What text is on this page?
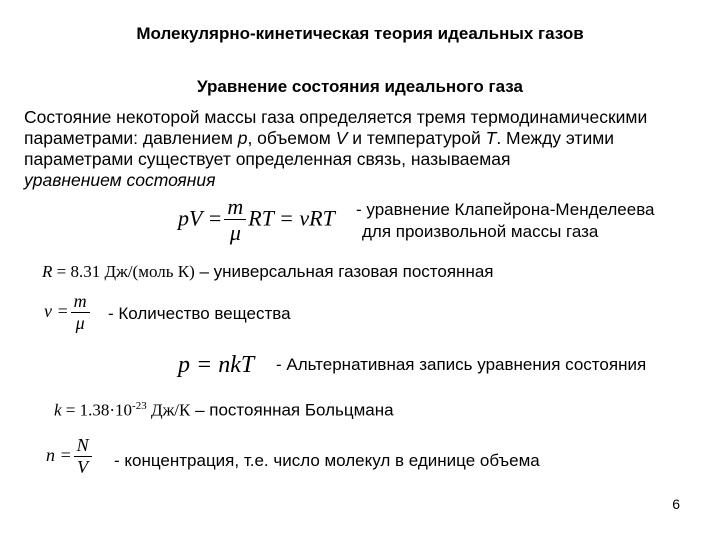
Молекулярно-кинетическая теория идеальных газов
Уравнение состояния идеального газа
Состояние некоторой массы газа определяется тремя термодинамическими
параметрами: давлением p, объемом V и температурой T. Между этими
параметрами существует определенная связь, называемая
уравнением состояния
pV = $\frac{m}{\mu}$ RT = νRT - уравнение Клапейрона-Менделеева
для произвольной массы газа
R = 8.31 Дж/(моль К) – универсальная газовая постоянная
$\nu = \frac{m}{\mu}$ - Количество вещества
p = nkT - Альтернативная запись уравнения состояния
$k = 1.38\cdot 10^{-23}$ Дж/К – постоянная Больцмана
$n = \frac{N}{V}$ - концентрация, т.е. число молекул в единице объема
6
